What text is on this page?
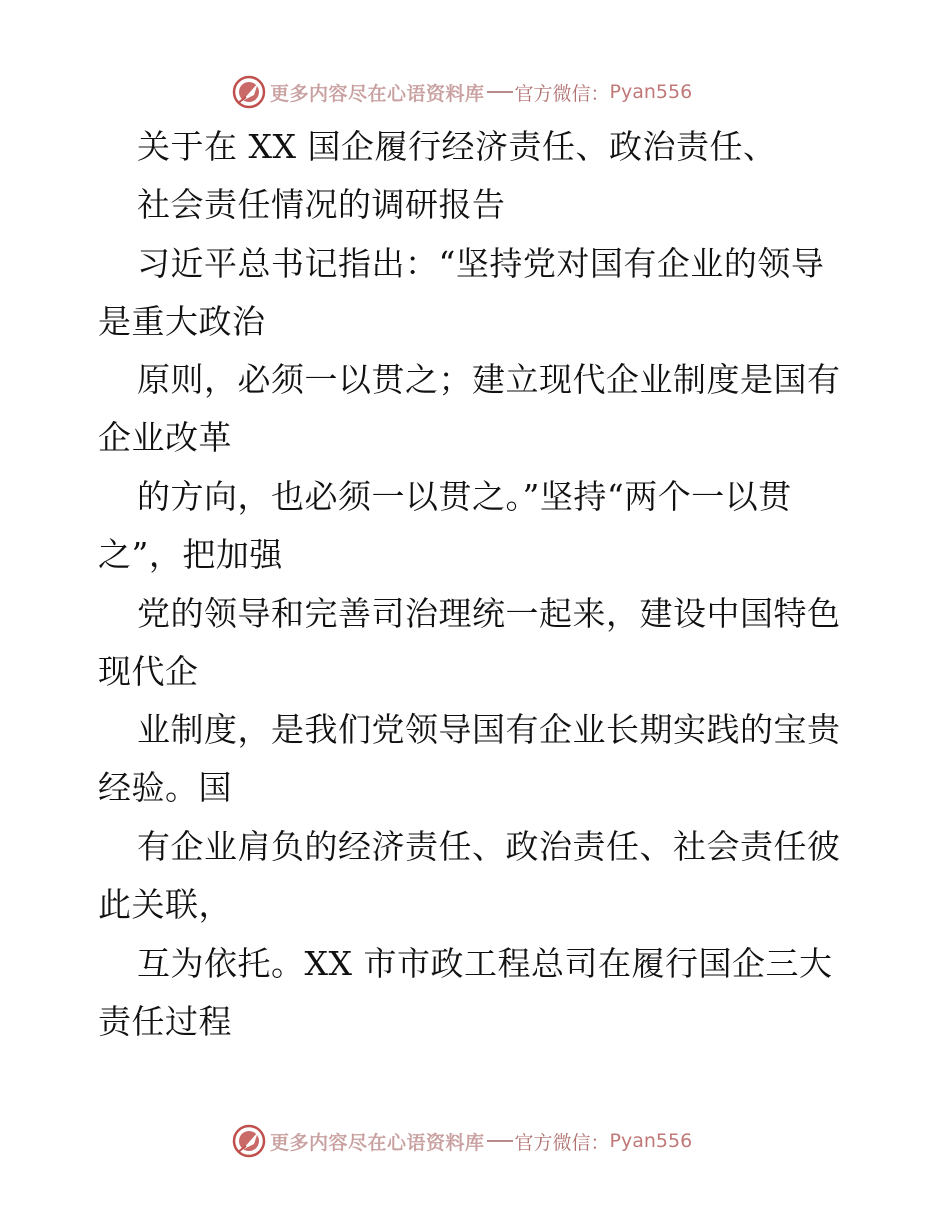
更多内容尽在心语资料库 官方微信： Pyan556
关于在 XX 国企履行经济责任、政治责任、
社会责任情况的调研报告
习近平总书记指出：“坚持党对国有企业的领导
是重大政治
原则，必须一以贯之；建立现代企业制度是国有
企业改革
的方向，也必须一以贯之。”坚持“两个一以贯
之”，把加强
党的领导和完善司治理统一起来，建设中国特色
现代企
业制度，是我们党领导国有企业长期实践的宝贵
经验。国
有企业肩负的经济责任、政治责任、社会责任彼
此关联，
互为依托。XX 市市政工程总司在履行国企三大
责任过程
更多内容尽在心语资料库 官方微信： Pyan556
